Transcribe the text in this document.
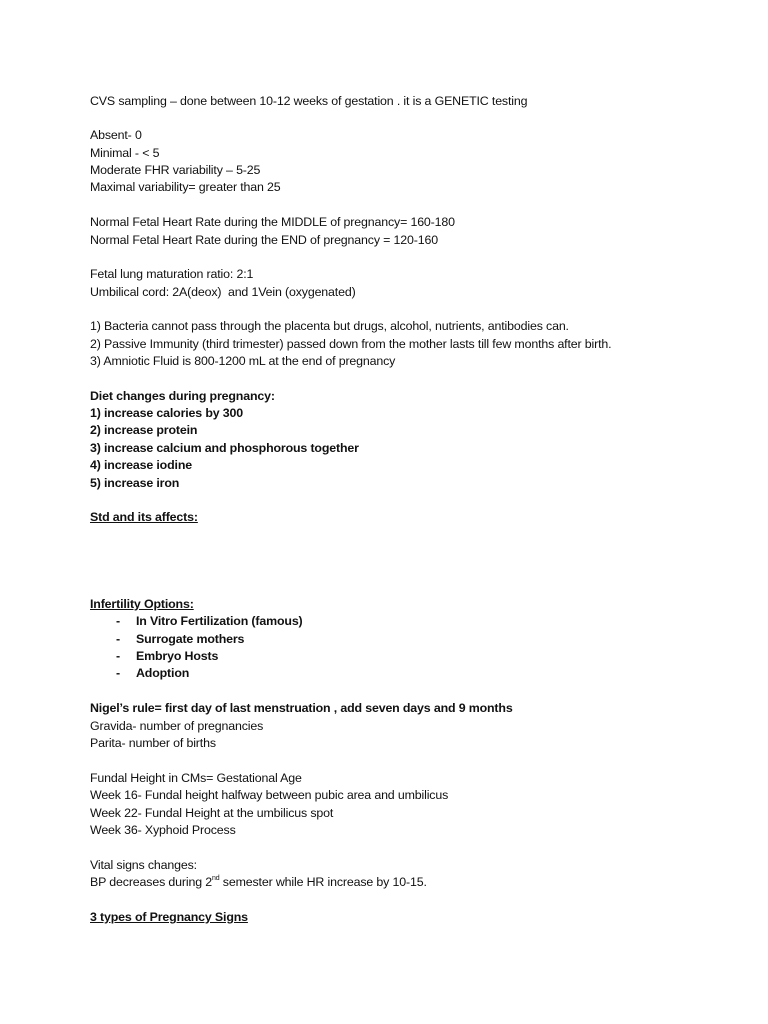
CVS sampling – done between 10-12 weeks of gestation . it is a GENETIC testing
Absent- 0
Minimal - < 5
Moderate FHR variability – 5-25
Maximal variability= greater than 25
Normal Fetal Heart Rate during the MIDDLE of pregnancy= 160-180
Normal Fetal Heart Rate during the END of pregnancy = 120-160
Fetal lung maturation ratio: 2:1
Umbilical cord: 2A(deox)  and 1Vein (oxygenated)
1) Bacteria cannot pass through the placenta but drugs, alcohol, nutrients, antibodies can.
2) Passive Immunity (third trimester) passed down from the mother lasts till few months after birth.
3) Amniotic Fluid is 800-1200 mL at the end of pregnancy
Diet changes during pregnancy:
1) increase calories by 300
2) increase protein
3) increase calcium and phosphorous together
4) increase iodine
5) increase iron
Std and its affects:
Infertility Options:
- In Vitro Fertilization (famous)
- Surrogate mothers
- Embryo Hosts
- Adoption
Nigel’s rule= first day of last menstruation , add seven days and 9 months
Gravida- number of pregnancies
Parita- number of births
Fundal Height in CMs= Gestational Age
Week 16- Fundal height halfway between pubic area and umbilicus
Week 22- Fundal Height at the umbilicus spot
Week 36- Xyphoid Process
Vital signs changes:
BP decreases during 2nd semester while HR increase by 10-15.
3 types of Pregnancy Signs
